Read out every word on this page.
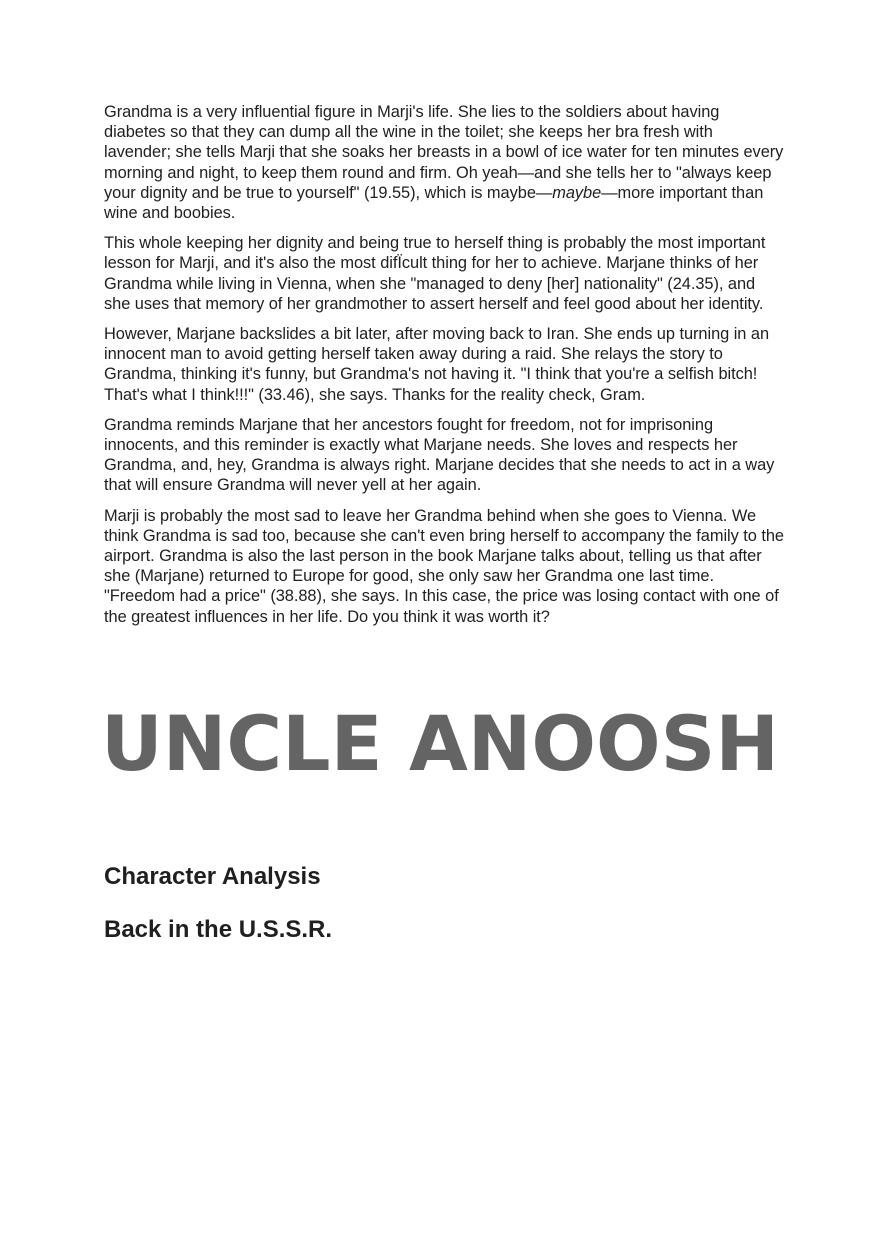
Grandma is a very influential figure in Marji's life. She lies to the soldiers about having diabetes so that they can dump all the wine in the toilet; she keeps her bra fresh with lavender; she tells Marji that she soaks her breasts in a bowl of ice water for ten minutes every morning and night, to keep them round and firm. Oh yeah—and she tells her to "always keep your dignity and be true to yourself" (19.55), which is maybe—maybe—more important than wine and boobies.

This whole keeping her dignity and being true to herself thing is probably the most important lesson for Marji, and it's also the most difÏcult thing for her to achieve. Marjane thinks of her Grandma while living in Vienna, when she "managed to deny [her] nationality" (24.35), and she uses that memory of her grandmother to assert herself and feel good about her identity.

However, Marjane backslides a bit later, after moving back to Iran. She ends up turning in an innocent man to avoid getting herself taken away during a raid. She relays the story to Grandma, thinking it's funny, but Grandma's not having it. "I think that you're a selfish bitch! That's what I think!!!" (33.46), she says. Thanks for the reality check, Gram.

Grandma reminds Marjane that her ancestors fought for freedom, not for imprisoning innocents, and this reminder is exactly what Marjane needs. She loves and respects her Grandma, and, hey, Grandma is always right. Marjane decides that she needs to act in a way that will ensure Grandma will never yell at her again.

Marji is probably the most sad to leave her Grandma behind when she goes to Vienna. We think Grandma is sad too, because she can't even bring herself to accompany the family to the airport. Grandma is also the last person in the book Marjane talks about, telling us that after she (Marjane) returned to Europe for good, she only saw her Grandma one last time. "Freedom had a price" (38.88), she says. In this case, the price was losing contact with one of the greatest influences in her life. Do you think it was worth it?

UNCLE ANOOSH
Character Analysis
Back in the U.S.S.R.
